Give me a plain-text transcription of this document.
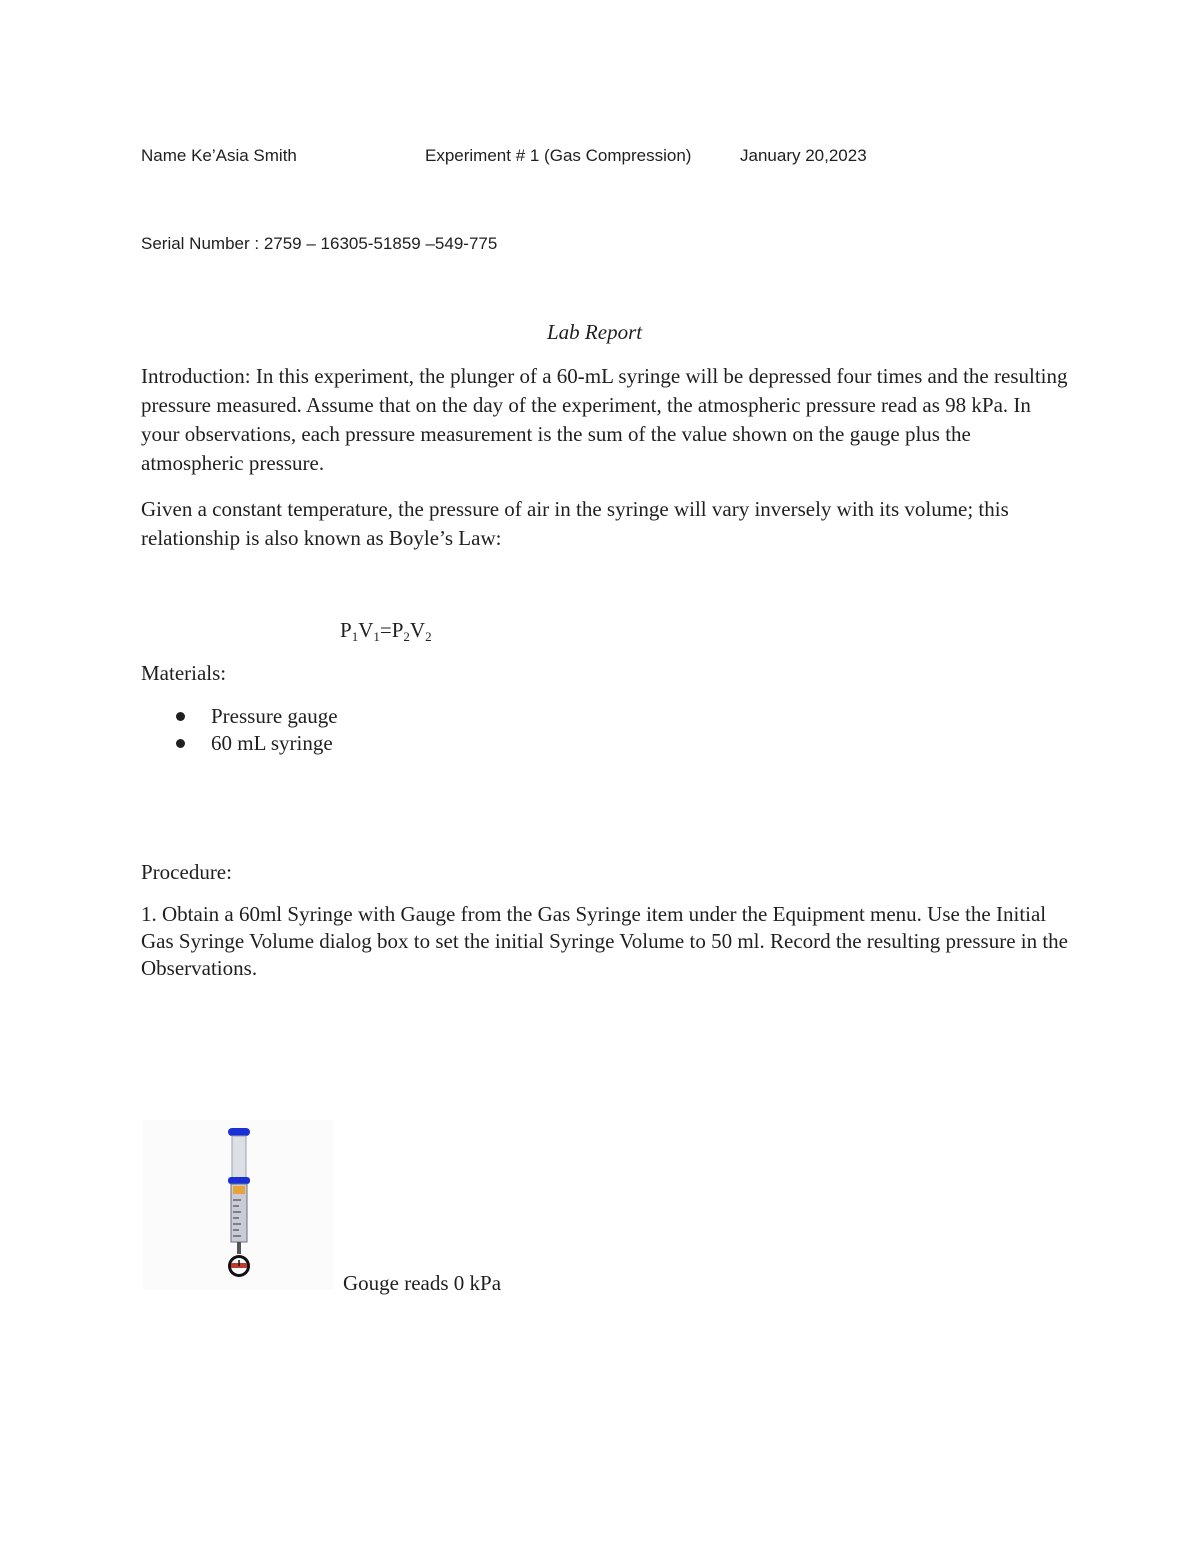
Name Ke’Asia Smith	Experiment # 1 (Gas Compression)	January 20,2023
Serial Number : 2759 – 16305-51859 –549-775
Lab Report
Introduction: In this experiment, the plunger of a 60-mL syringe will be depressed four times and the resulting pressure measured. Assume that on the day of the experiment, the atmospheric pressure read as 98 kPa. In your observations, each pressure measurement is the sum of the value shown on the gauge plus the atmospheric pressure.
Given a constant temperature, the pressure of air in the syringe will vary inversely with its volume; this relationship is also known as Boyle’s Law:
$P_1V_1=P_2V_2$
Materials:
Pressure gauge
60 mL syringe
Procedure:
1. Obtain a 60ml Syringe with Gauge from the Gas Syringe item under the Equipment menu. Use the Initial Gas Syringe Volume dialog box to set the initial Syringe Volume to 50 ml. Record the resulting pressure in the Observations.
Gouge reads 0 kPa
